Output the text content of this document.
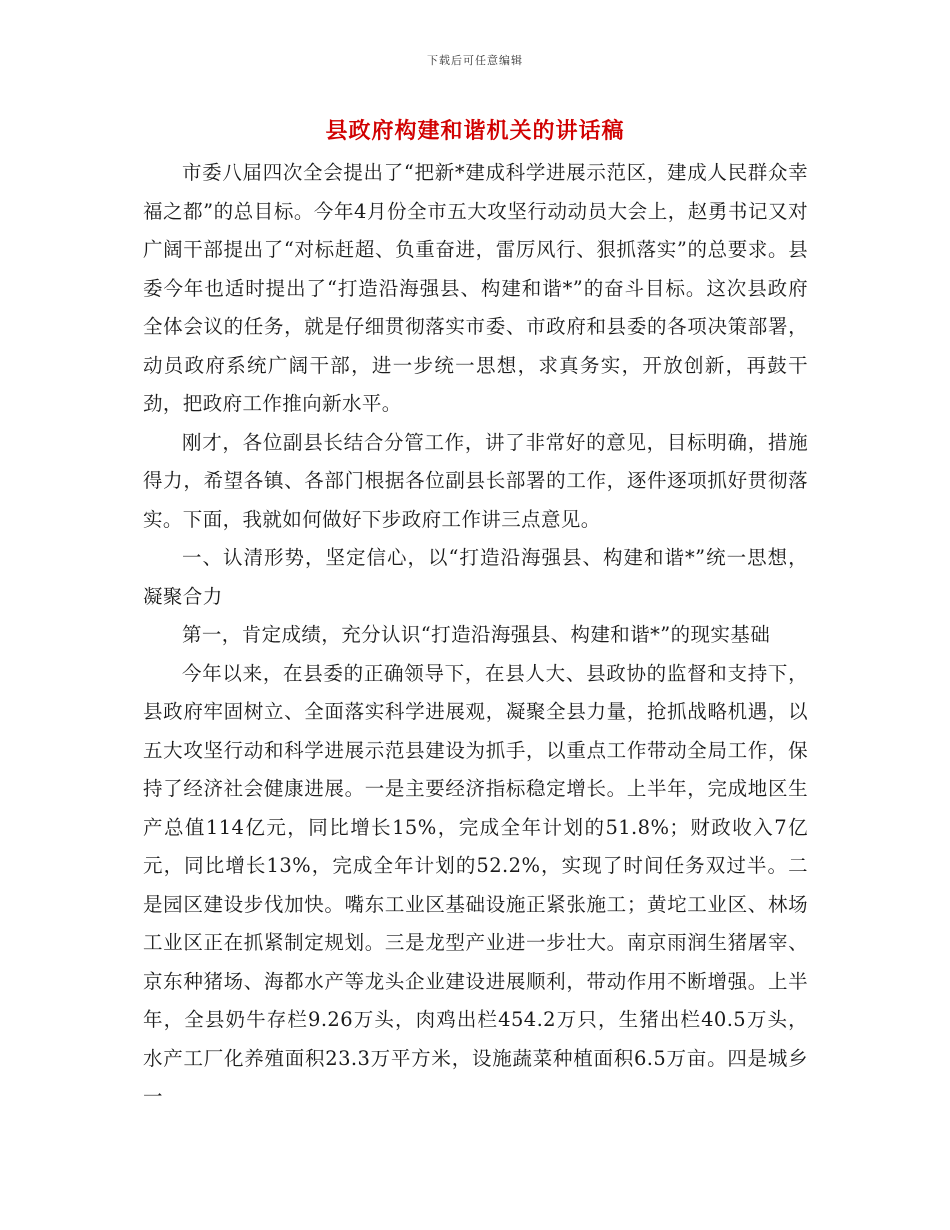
下载后可任意编辑
县政府构建和谐机关的讲话稿

市委八届四次全会提出了“把新*建成科学进展示范区，建成人民群众幸福之都”的总目标。今年4月份全市五大攻坚行动动员大会上，赵勇书记又对广阔干部提出了“对标赶超、负重奋进，雷厉风行、狠抓落实”的总要求。县委今年也适时提出了“打造沿海强县、构建和谐*”的奋斗目标。这次县政府全体会议的任务，就是仔细贯彻落实市委、市政府和县委的各项决策部署，动员政府系统广阔干部，进一步统一思想，求真务实，开放创新，再鼓干劲，把政府工作推向新水平。

刚才，各位副县长结合分管工作，讲了非常好的意见，目标明确，措施得力，希望各镇、各部门根据各位副县长部署的工作，逐件逐项抓好贯彻落实。下面，我就如何做好下步政府工作讲三点意见。

一、认清形势，坚定信心，以“打造沿海强县、构建和谐*”统一思想，凝聚合力

第一，肯定成绩，充分认识“打造沿海强县、构建和谐*”的现实基础

今年以来，在县委的正确领导下，在县人大、县政协的监督和支持下，县政府牢固树立、全面落实科学进展观，凝聚全县力量，抢抓战略机遇，以五大攻坚行动和科学进展示范县建设为抓手，以重点工作带动全局工作，保持了经济社会健康进展。一是主要经济指标稳定增长。上半年，完成地区生产总值114亿元，同比增长15%，完成全年计划的51.8%；财政收入7亿元，同比增长13%，完成全年计划的52.2%，实现了时间任务双过半。二是园区建设步伐加快。嘴东工业区基础设施正紧张施工；黄坨工业区、林场工业区正在抓紧制定规划。三是龙型产业进一步壮大。南京雨润生猪屠宰、京东种猪场、海都水产等龙头企业建设进展顺利，带动作用不断增强。上半年，全县奶牛存栏9.26万头，肉鸡出栏454.2万只，生猪出栏40.5万头，水产工厂化养殖面积23.3万平方米，设施蔬菜种植面积6.5万亩。四是城乡一
